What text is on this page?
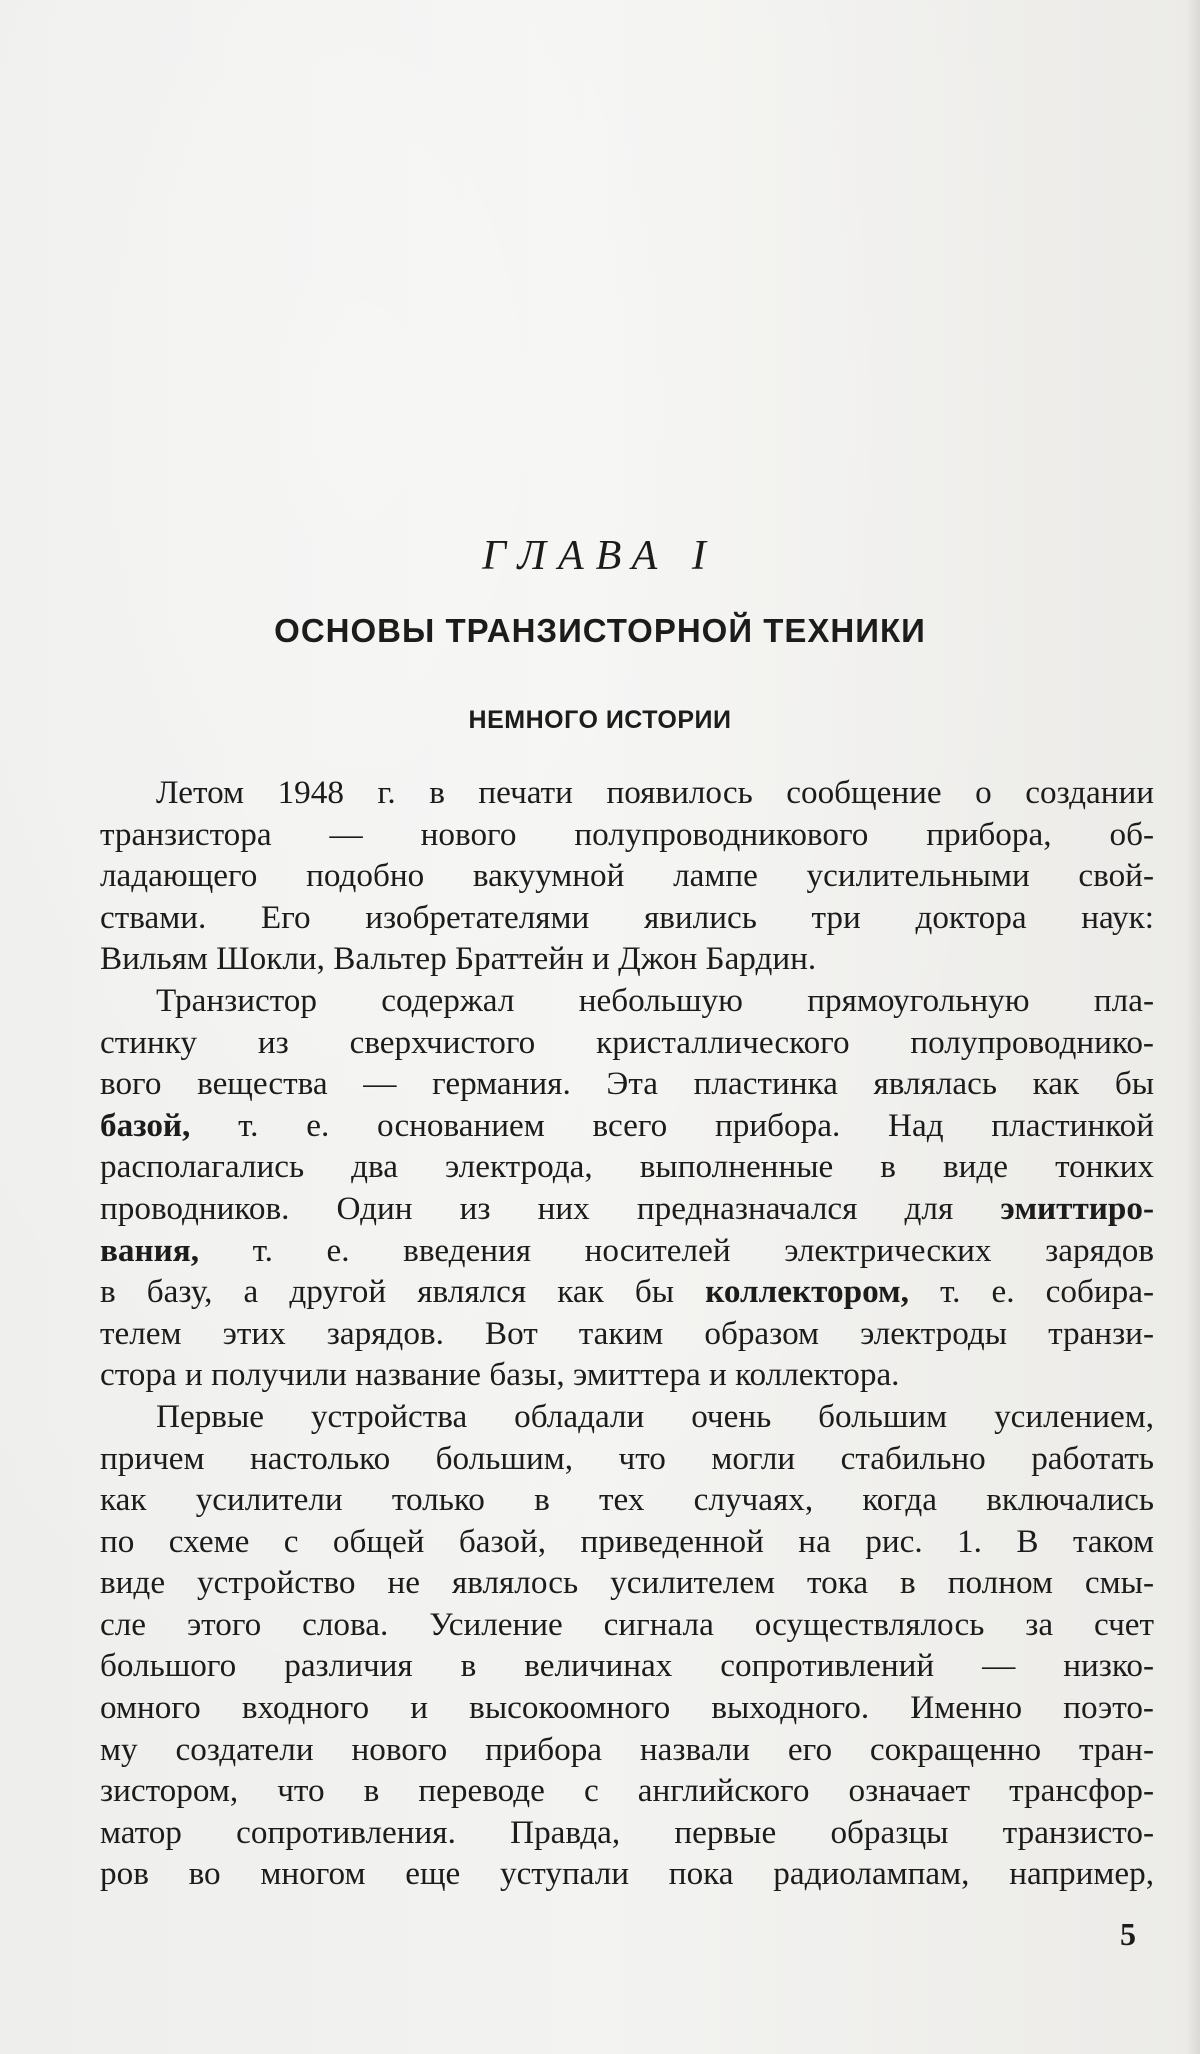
ГЛАВА I
ОСНОВЫ ТРАНЗИСТОРНОЙ ТЕХНИКИ
НЕМНОГО ИСТОРИИ
Летом 1948 г. в печати появилось сообщение о создании
транзистора — нового полупроводникового прибора, об-
ладающего подобно вакуумной лампе усилительными свой-
ствами. Его изобретателями явились три доктора наук:
Вильям Шокли, Вальтер Браттейн и Джон Бардин.
Транзистор содержал небольшую прямоугольную пла-
стинку из сверхчистого кристаллического полупроводнико-
вого вещества — германия. Эта пластинка являлась как бы
базой, т. е. основанием всего прибора. Над пластинкой
располагались два электрода, выполненные в виде тонких
проводников. Один из них предназначался для эмиттиро-
вания, т. е. введения носителей электрических зарядов
в базу, а другой являлся как бы коллектором, т. е. собира-
телем этих зарядов. Вот таким образом электроды транзи-
стора и получили название базы, эмиттера и коллектора.
Первые устройства обладали очень большим усилением,
причем настолько большим, что могли стабильно работать
как усилители только в тех случаях, когда включались
по схеме с общей базой, приведенной на рис. 1. В таком
виде устройство не являлось усилителем тока в полном смы-
сле этого слова. Усиление сигнала осуществлялось за счет
большого различия в величинах сопротивлений — низко-
омного входного и высокоомного выходного. Именно поэто-
му создатели нового прибора назвали его сокращенно тран-
зистором, что в переводе с английского означает трансфор-
матор сопротивления. Правда, первые образцы транзисто-
ров во многом еще уступали пока радиолампам, например,
5
